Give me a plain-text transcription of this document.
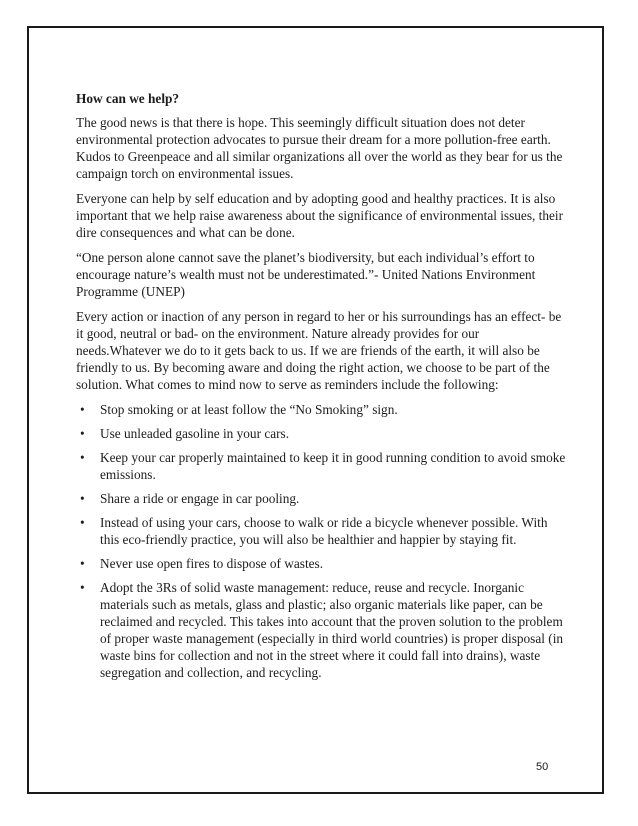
How can we help?

The good news is that there is hope. This seemingly difficult situation does not deter environmental protection advocates to pursue their dream for a more pollution-free earth. Kudos to Greenpeace and all similar organizations all over the world as they bear for us the campaign torch on environmental issues.

Everyone can help by self education and by adopting good and healthy practices. It is also important that we help raise awareness about the significance of environmental issues, their dire consequences and what can be done.

“One person alone cannot save the planet’s biodiversity, but each individual’s effort to encourage nature’s wealth must not be underestimated.”- United Nations Environment Programme (UNEP)

Every action or inaction of any person in regard to her or his surroundings has an effect- be it good, neutral or bad- on the environment. Nature already provides for our needs.Whatever we do to it gets back to us. If we are friends of the earth, it will also be friendly to us. By becoming aware and doing the right action, we choose to be part of the solution. What comes to mind now to serve as reminders include the following:

• Stop smoking or at least follow the “No Smoking” sign.
• Use unleaded gasoline in your cars.
• Keep your car properly maintained to keep it in good running condition to avoid smoke emissions.
• Share a ride or engage in car pooling.
• Instead of using your cars, choose to walk or ride a bicycle whenever possible. With this eco-friendly practice, you will also be healthier and happier by staying fit.
• Never use open fires to dispose of wastes.
• Adopt the 3Rs of solid waste management: reduce, reuse and recycle. Inorganic materials such as metals, glass and plastic; also organic materials like paper, can be reclaimed and recycled. This takes into account that the proven solution to the problem of proper waste management (especially in third world countries) is proper disposal (in waste bins for collection and not in the street where it could fall into drains), waste segregation and collection, and recycling.
50
